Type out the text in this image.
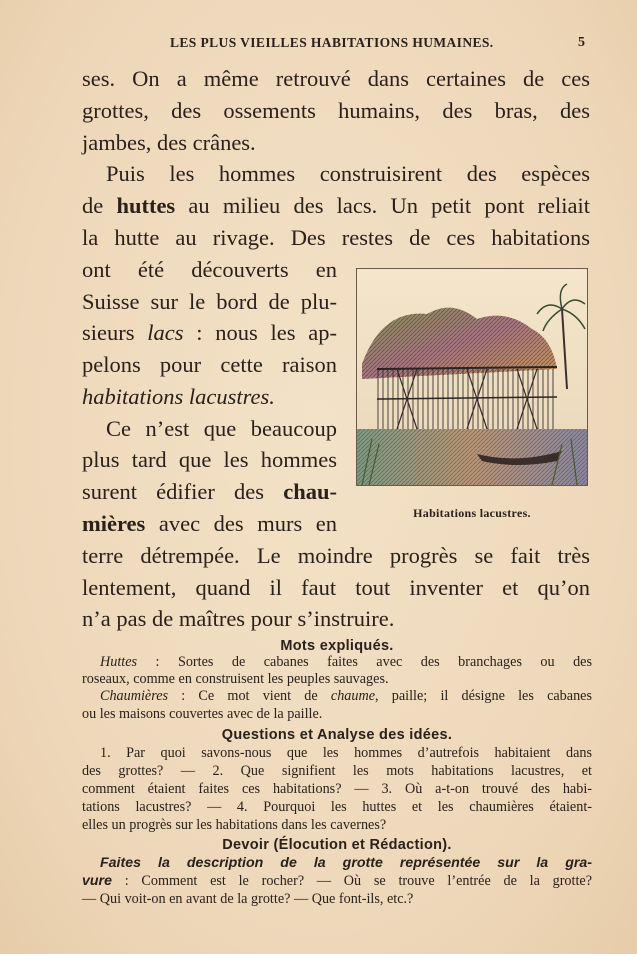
LES PLUS VIEILLES HABITATIONS HUMAINES.	5
ses. On a même retrouvé dans certaines de ces
grottes, des ossements humains, des bras, des
jambes, des crânes.
Puis les hommes construisirent des espèces
de huttes au milieu des lacs. Un petit pont reliait
la hutte au rivage. Des restes de ces habitations
ont été découverts en
Suisse sur le bord de plu-
sieurs lacs : nous les ap-
pelons pour cette raison
habitations lacustres.
Ce n’est que beaucoup
plus tard que les hommes
surent édifier des chau-
mières avec des murs en
terre détrempée. Le moindre progrès se fait très
lentement, quand il faut tout inventer et qu’on
n’a pas de maîtres pour s’instruire.
Habitations lacustres.
Mots expliqués.
Huttes : Sortes de cabanes faites avec des branchages ou des
roseaux, comme en construisent les peuples sauvages.
Chaumières : Ce mot vient de chaume, paille; il désigne les cabanes
ou les maisons couvertes avec de la paille.
Questions et Analyse des idées.
1. Par quoi savons-nous que les hommes d’autrefois habitaient dans
des grottes? — 2. Que signifient les mots habitations lacustres, et
comment étaient faites ces habitations? — 3. Où a-t-on trouvé des habi-
tations lacustres? — 4. Pourquoi les huttes et les chaumières étaient-
elles un progrès sur les habitations dans les cavernes?
Devoir (Élocution et Rédaction).
Faites la description de la grotte représentée sur la gra-
vure : Comment est le rocher? — Où se trouve l’entrée de la grotte?
— Qui voit-on en avant de la grotte? — Que font-ils, etc.?
